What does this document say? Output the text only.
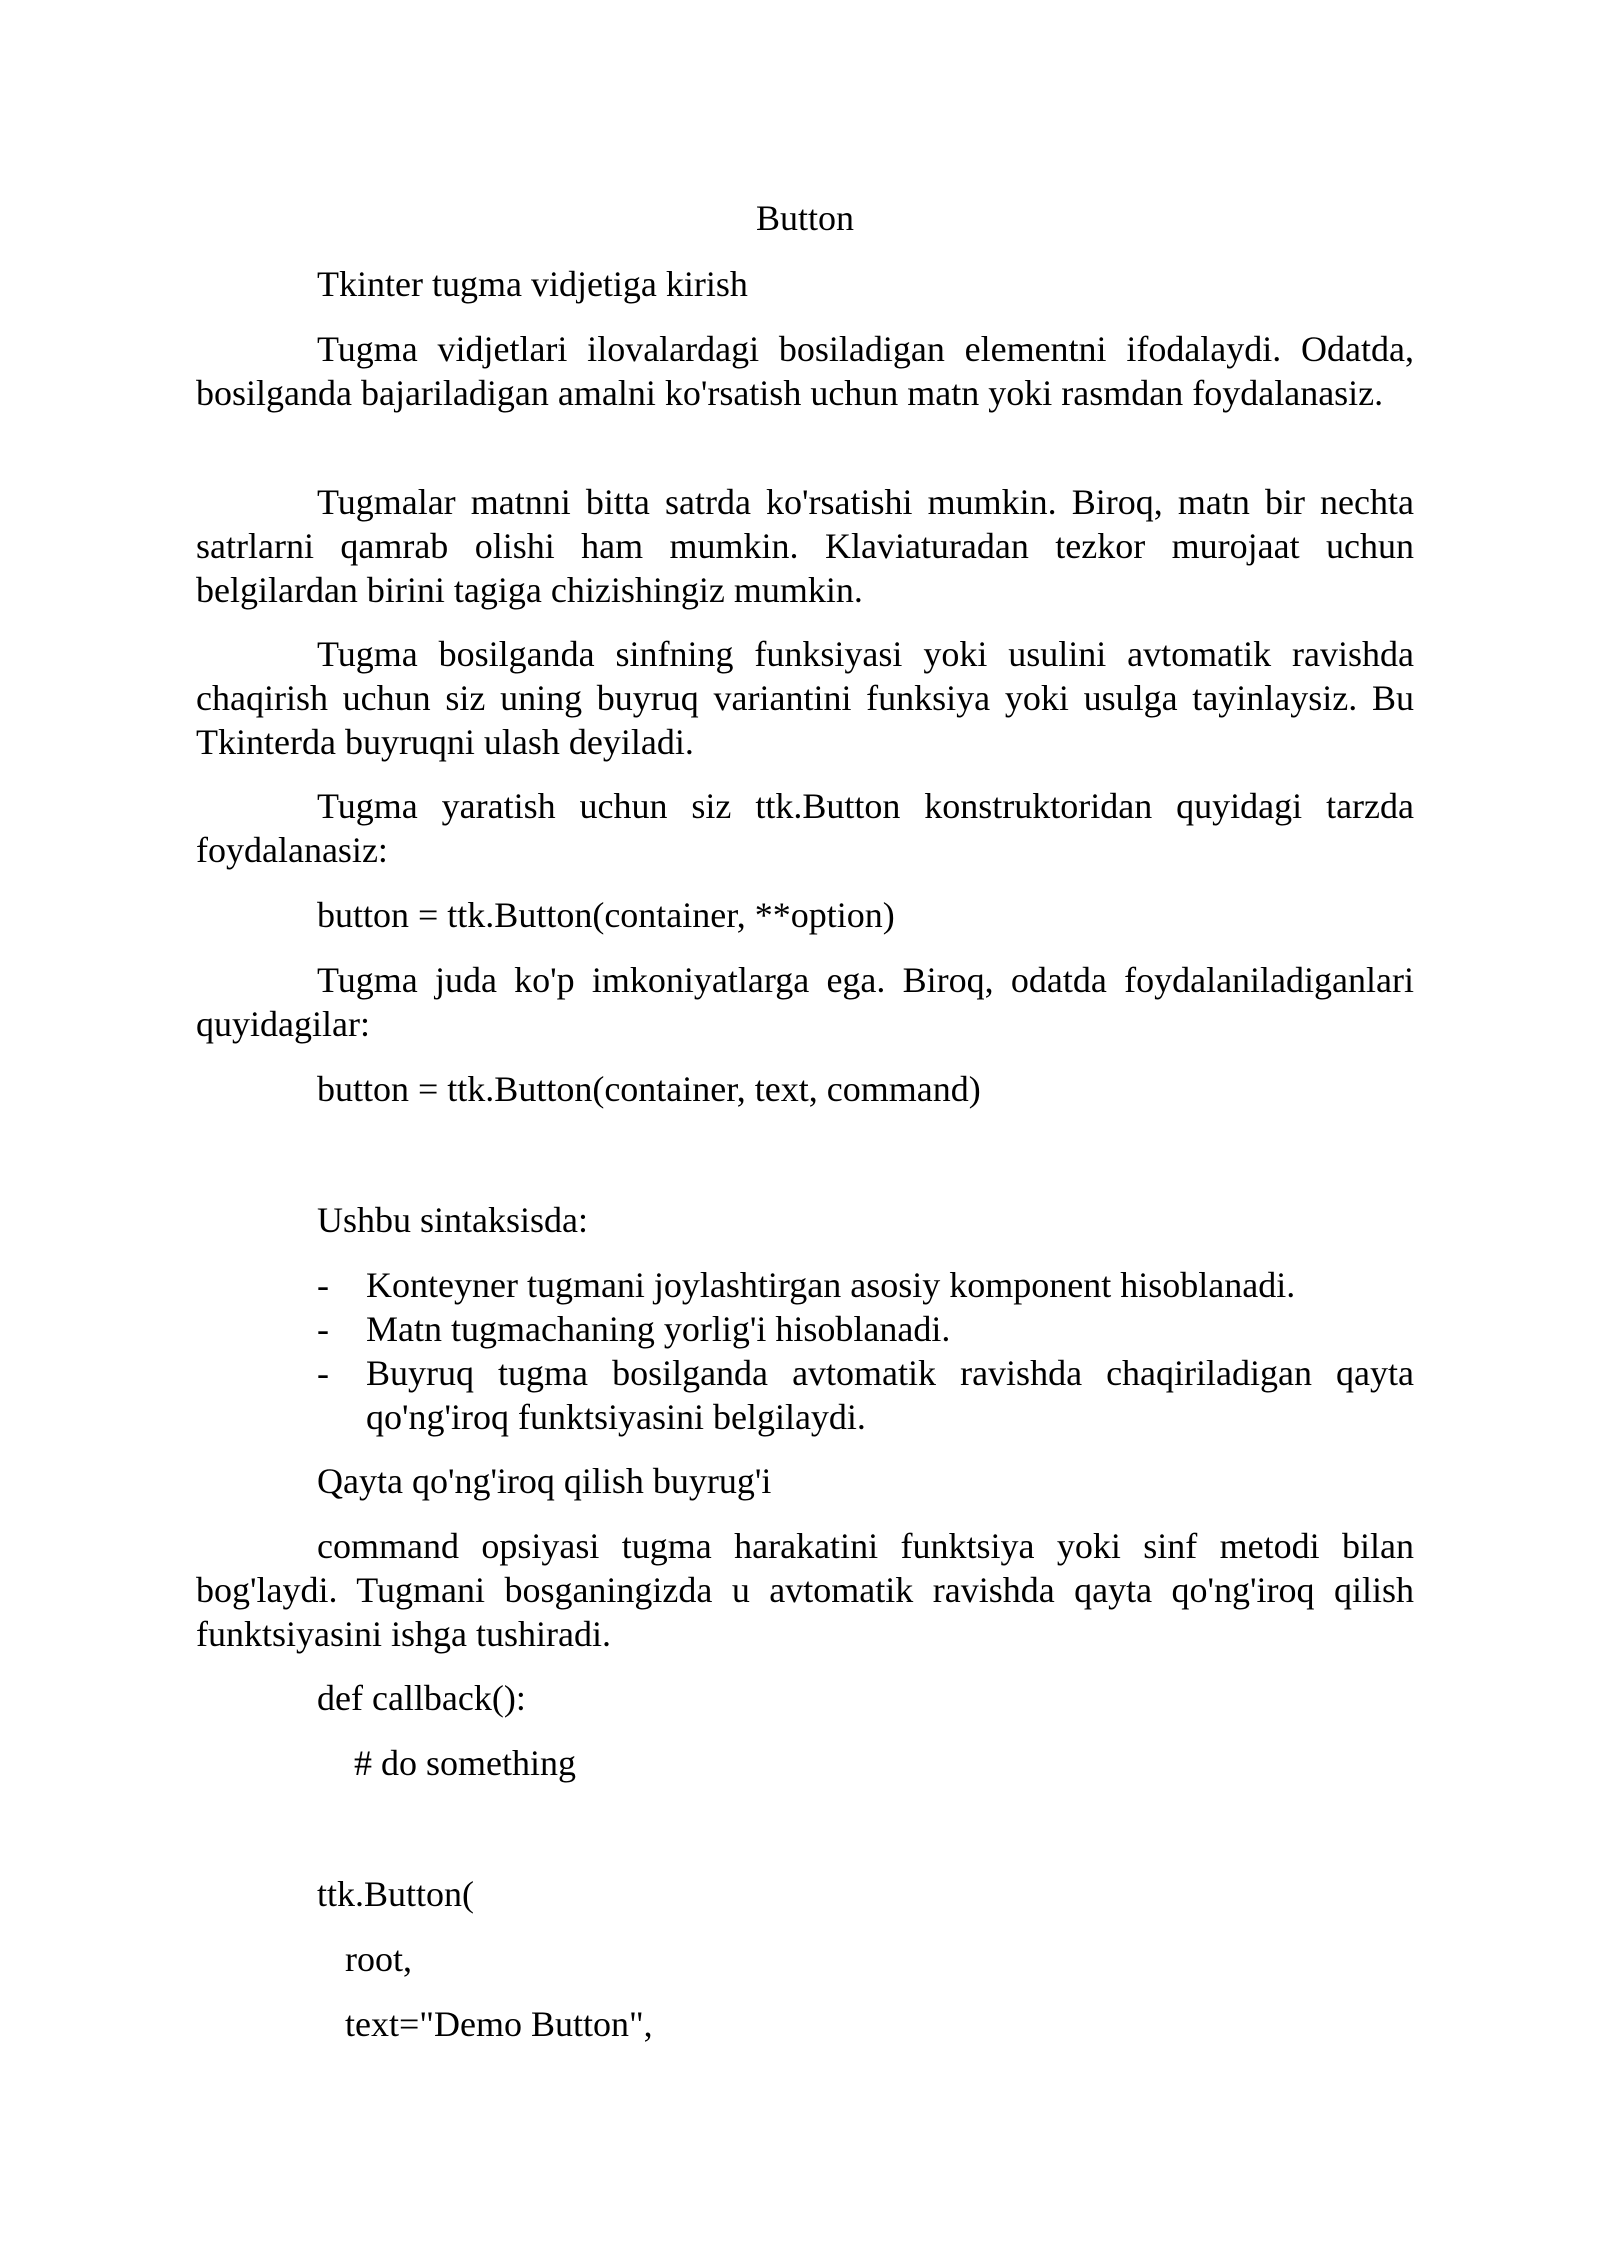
Button
Tkinter tugma vidjetiga kirish
Tugma vidjetlari ilovalardagi bosiladigan elementni ifodalaydi. Odatda, bosilganda bajariladigan amalni ko'rsatish uchun matn yoki rasmdan foydalanasiz.
Tugmalar matnni bitta satrda ko'rsatishi mumkin. Biroq, matn bir nechta satrlarni qamrab olishi ham mumkin. Klaviaturadan tezkor murojaat uchun belgilardan birini tagiga chizishingiz mumkin.
Tugma bosilganda sinfning funksiyasi yoki usulini avtomatik ravishda chaqirish uchun siz uning buyruq variantini funksiya yoki usulga tayinlaysiz. Bu Tkinterda buyruqni ulash deyiladi.
Tugma yaratish uchun siz ttk.Button konstruktoridan quyidagi tarzda foydalanasiz:
button = ttk.Button(container, **option)
Tugma juda ko'p imkoniyatlarga ega. Biroq, odatda foydalaniladiganlari quyidagilar:
button = ttk.Button(container, text, command)
Ushbu sintaksisda:
- Konteyner tugmani joylashtirgan asosiy komponent hisoblanadi.
- Matn tugmachaning yorlig'i hisoblanadi.
- Buyruq tugma bosilganda avtomatik ravishda chaqiriladigan qayta qo'ng'iroq funktsiyasini belgilaydi.
Qayta qo'ng'iroq qilish buyrug'i
command opsiyasi tugma harakatini funktsiya yoki sinf metodi bilan bog'laydi. Tugmani bosganingizda u avtomatik ravishda qayta qo'ng'iroq qilish funktsiyasini ishga tushiradi.
def callback():
# do something
ttk.Button(
root,
text="Demo Button",
